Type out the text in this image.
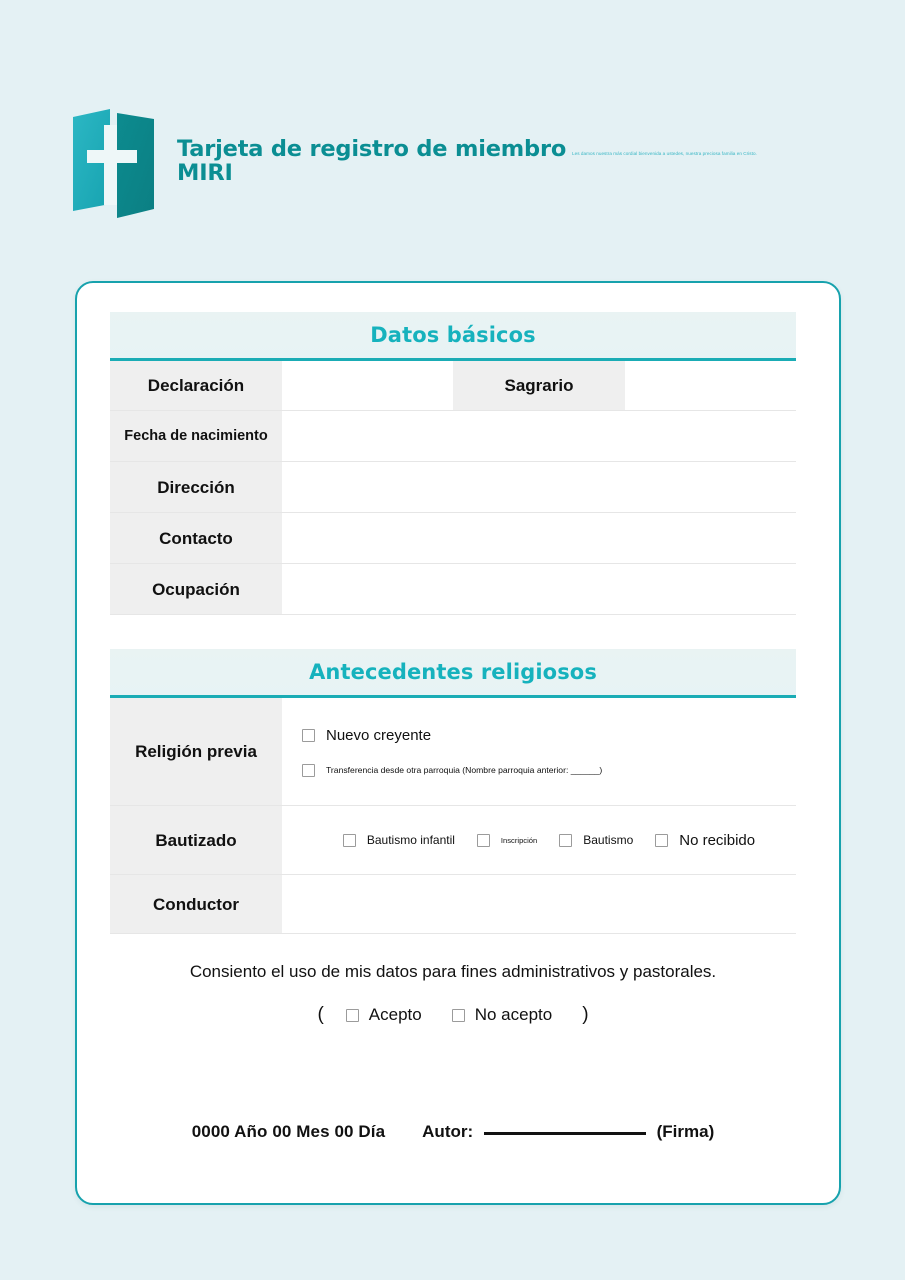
Tarjeta de registro de miembro
MIRI
Les damos nuestra más cordial bienvenida a ustedes, nuestra preciosa familia en Cristo.
Datos básicos
Declaración	Sagrario
Fecha de nacimiento
Dirección
Contacto
Ocupación
Antecedentes religiosos
Religión previa
Nuevo creyente
Transferencia desde otra parroquia (Nombre parroquia anterior: ______)
Bautizado	Bautismo infantil	Inscripción	Bautismo	No recibido
Conductor
Consiento el uso de mis datos para fines administrativos y pastorales.
(	Acepto	No acepto )
0000 Año 00 Mes 00 Día Autor:	(Firma)
